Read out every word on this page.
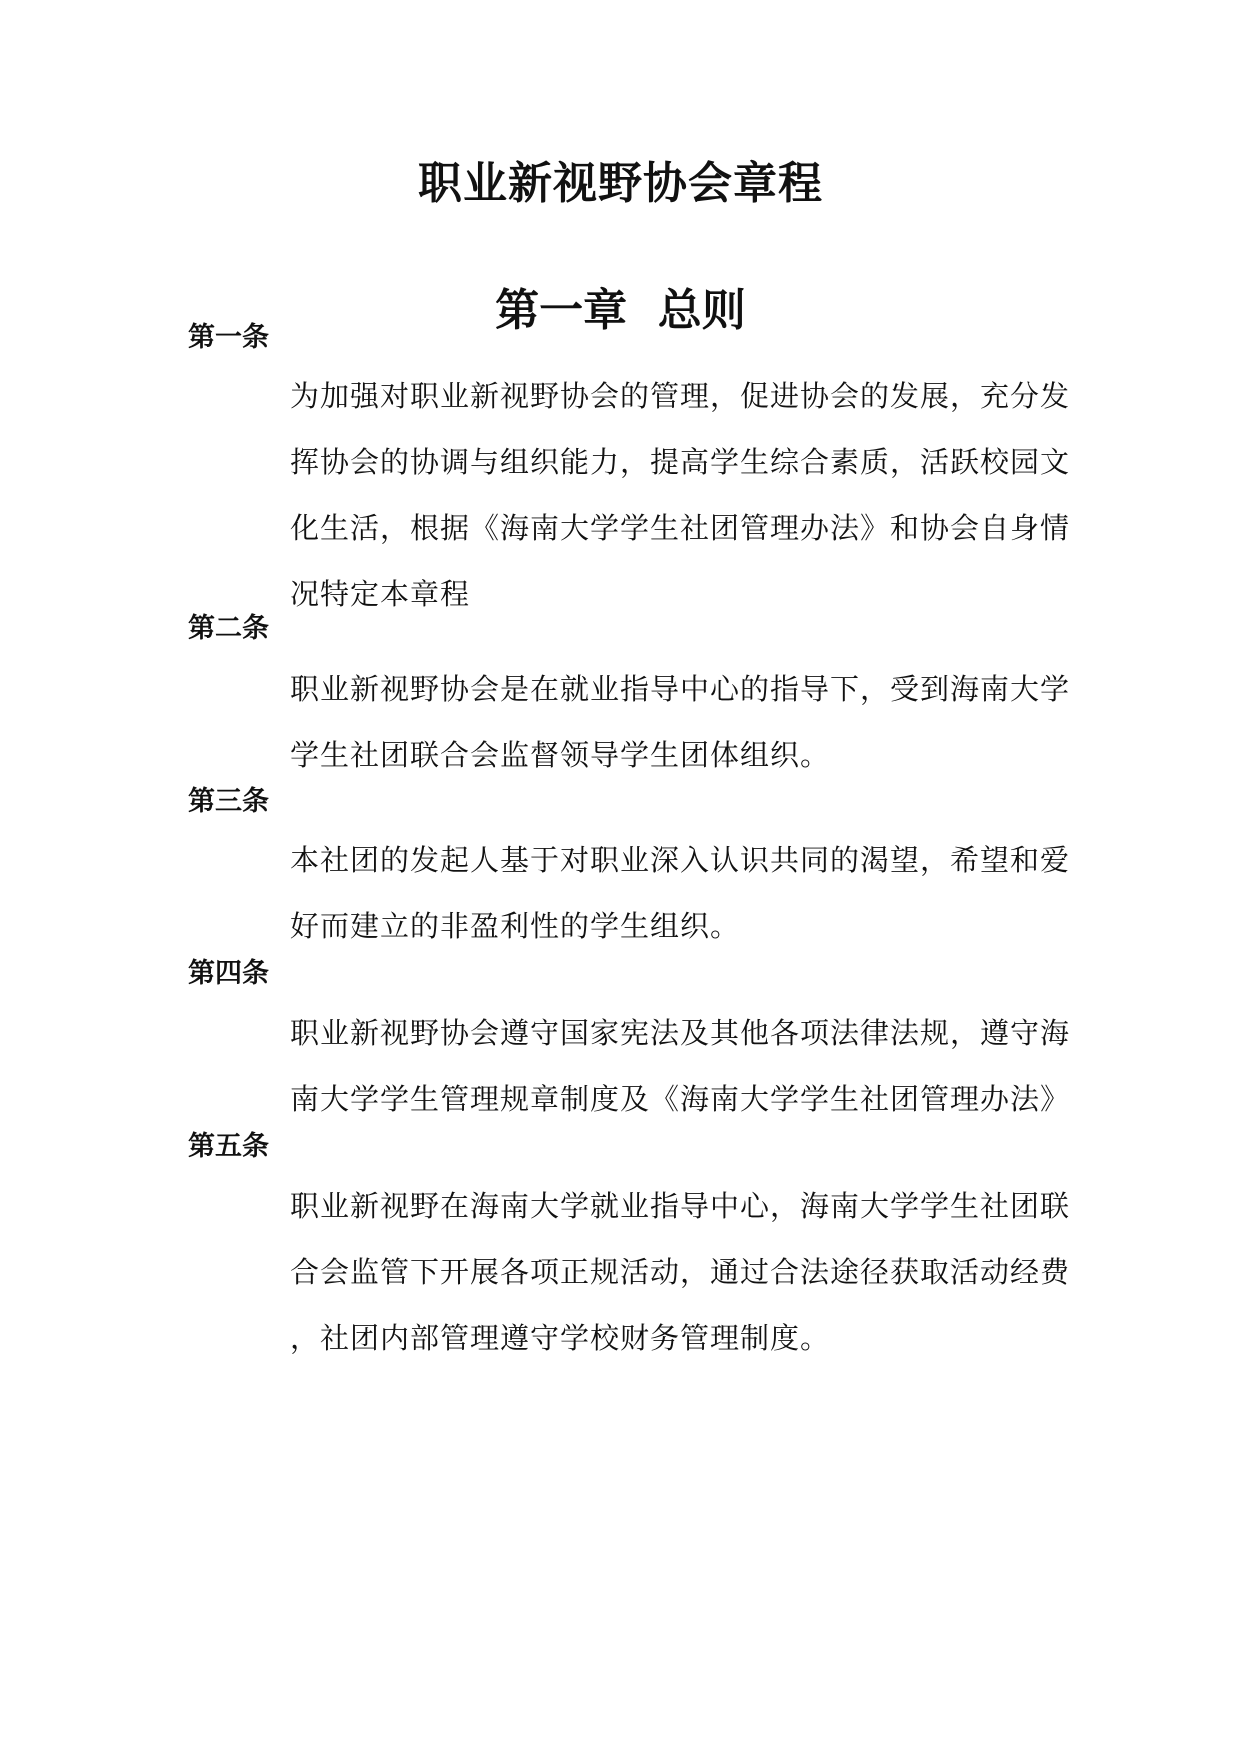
职业新视野协会章程
第一章  总则
第一条
为加强对职业新视野协会的管理，促进协会的发展，充分发
挥协会的协调与组织能力，提高学生综合素质，活跃校园文
化生活，根据《海南大学学生社团管理办法》和协会自身情
况特定本章程
第二条
职业新视野协会是在就业指导中心的指导下，受到海南大学
学生社团联合会监督领导学生团体组织。
第三条
本社团的发起人基于对职业深入认识共同的渴望，希望和爱
好而建立的非盈利性的学生组织。
第四条
职业新视野协会遵守国家宪法及其他各项法律法规，遵守海
南大学学生管理规章制度及《海南大学学生社团管理办法》
第五条
职业新视野在海南大学就业指导中心，海南大学学生社团联
合会监管下开展各项正规活动，通过合法途径获取活动经费
，社团内部管理遵守学校财务管理制度。
